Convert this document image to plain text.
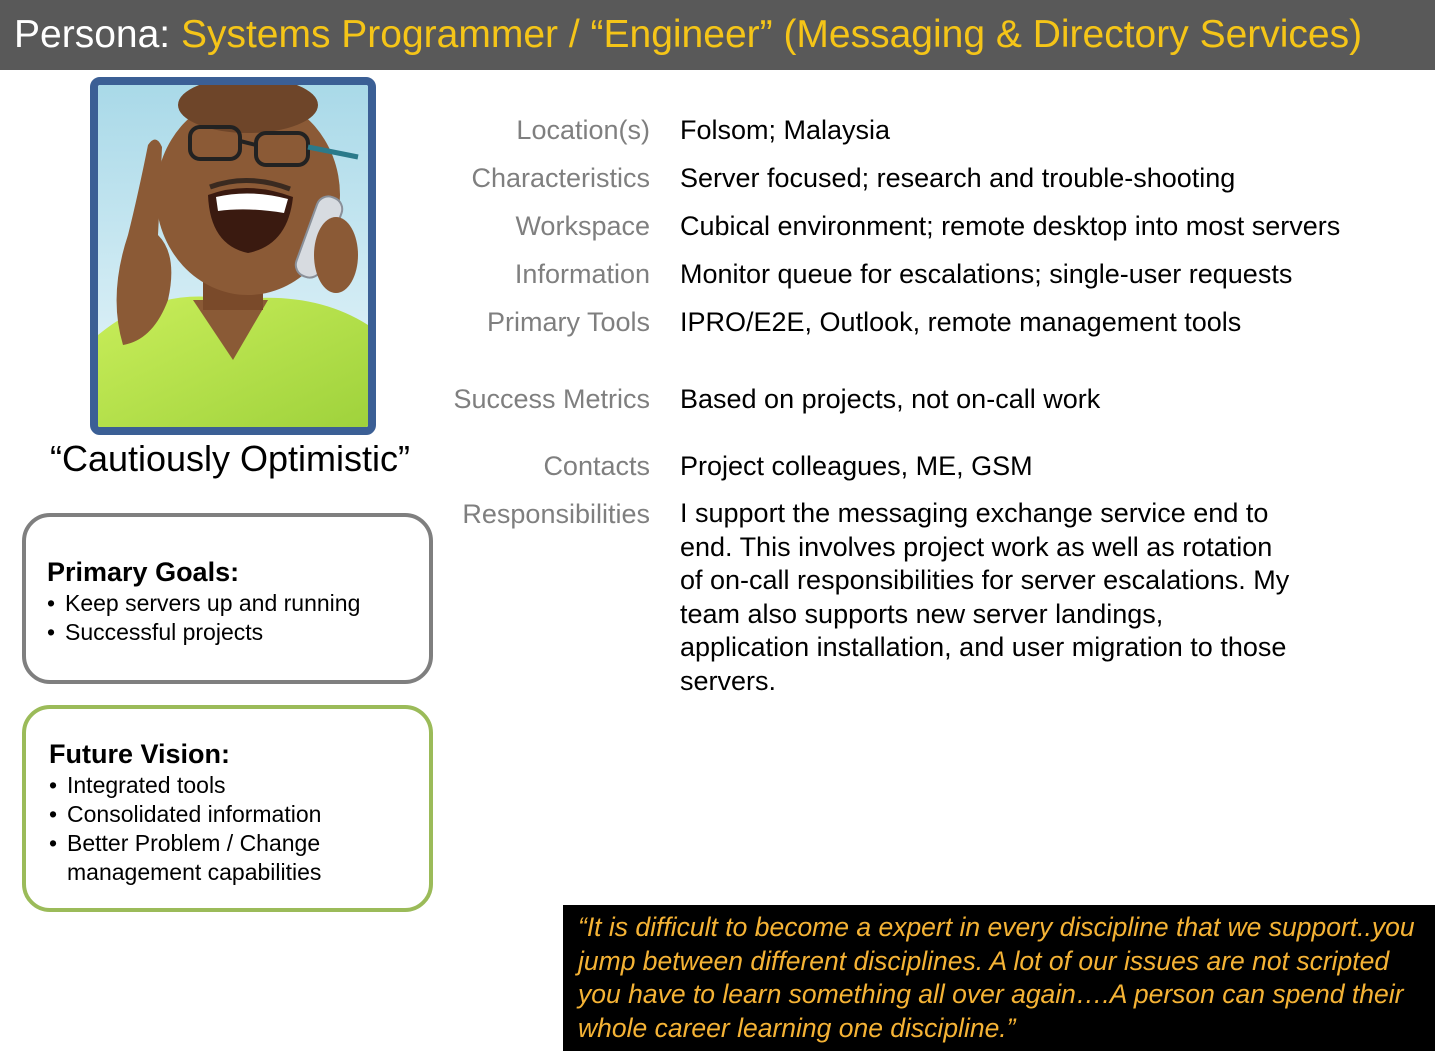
Persona: Systems Programmer / “Engineer” (Messaging & Directory Services)
“Cautiously Optimistic”
Primary Goals:
• Keep servers up and running
• Successful projects
Future Vision:
• Integrated tools
• Consolidated information
• Better Problem / Change management capabilities
Location(s) Folsom; Malaysia
Characteristics Server focused; research and trouble-shooting
Workspace Cubical environment; remote desktop into most servers
Information Monitor queue for escalations; single-user requests
Primary Tools IPRO/E2E, Outlook, remote management tools
Success Metrics Based on projects, not on-call work
Contacts Project colleagues, ME, GSM
Responsibilities I support the messaging exchange service end to end. This involves project work as well as rotation of on-call responsibilities for server escalations. My team also supports new server landings, application installation, and user migration to those servers.
“It is difficult to become a expert in every discipline that we support..you jump between different disciplines. A lot of our issues are not scripted you have to learn something all over again….A person can spend their whole career learning one discipline.”
